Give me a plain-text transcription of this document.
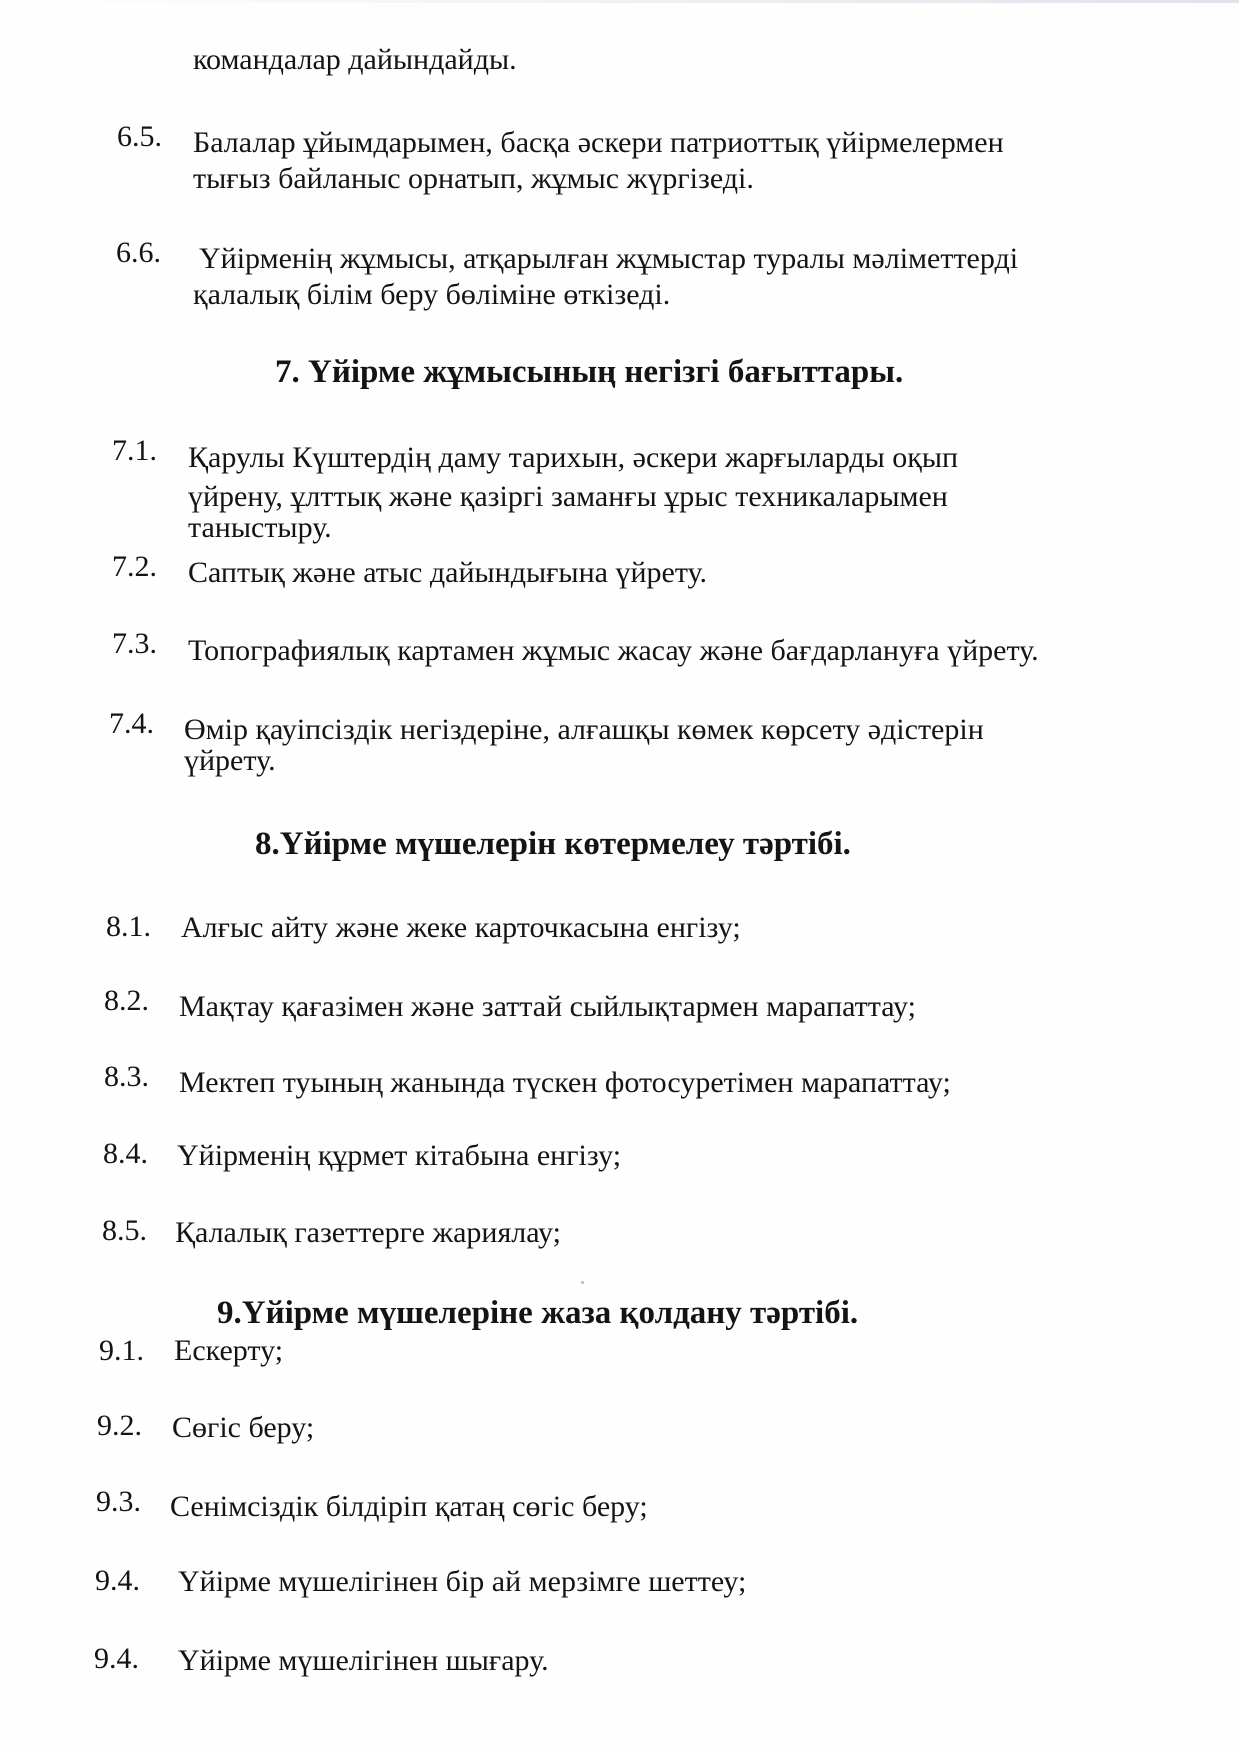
командалар дайындайды.
6.5. Балалар ұйымдарымен, басқа әскери патриоттық үйірмелермен
тығыз байланыс орнатып, жұмыс жүргізеді.
6.6. Үйірменің жұмысы, атқарылған жұмыстар туралы мәліметтерді
қалалық білім беру бөліміне өткізеді.
7. Үйірме жұмысының негізгі бағыттары.
7.1. Қарулы Күштердің даму тарихын, әскери жарғыларды оқып
үйрену, ұлттық және қазіргі заманғы ұрыс техникаларымен
таныстыру.
7.2. Саптық және атыс дайындығына үйрету.
7.3. Топографиялық картамен жұмыс жасау және бағдарлануға үйрету.
7.4. Өмір қауіпсіздік негіздеріне, алғашқы көмек көрсету әдістерін
үйрету.
8.Үйірме мүшелерін көтермелеу тәртібі.
8.1. Алғыс айту және жеке карточкасына енгізу;
8.2. Мақтау қағазімен және заттай сыйлықтармен марапаттау;
8.3. Мектеп туының жанында түскен фотосуретімен марапаттау;
8.4. Үйірменің құрмет кітабына енгізу;
8.5. Қалалық газеттерге жариялау;
9.Үйірме мүшелеріне жаза қолдану тәртібі.
9.1. Ескерту;
9.2. Сөгіс беру;
9.3. Сенімсіздік білдіріп қатаң сөгіс беру;
9.4. Үйірме мүшелігінен бір ай мерзімге шеттеу;
9.4. Үйірме мүшелігінен шығару.
